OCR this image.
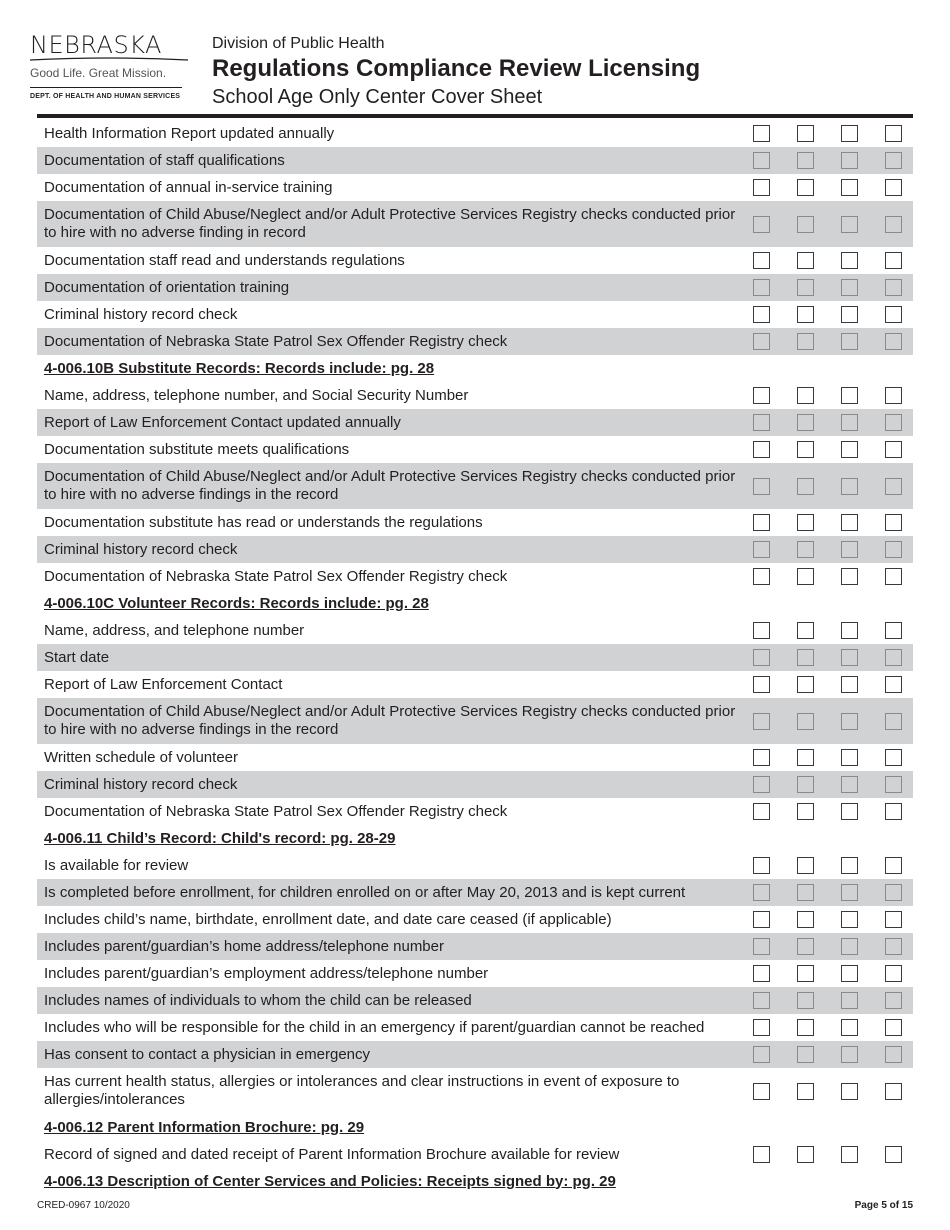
NEBRASKA
Good Life. Great Mission.
DEPT. OF HEALTH AND HUMAN SERVICES
Division of Public Health
Regulations Compliance Review Licensing
School Age Only Center Cover Sheet
Health Information Report updated annually
Documentation of staff qualifications
Documentation of annual in-service training
Documentation of Child Abuse/Neglect and/or Adult Protective Services Registry checks conducted prior to hire with no adverse finding in record
Documentation staff read and understands regulations
Documentation of orientation training
Criminal history record check
Documentation of Nebraska State Patrol Sex Offender Registry check
4-006.10B Substitute Records: Records include: pg. 28
Name, address, telephone number, and Social Security Number
Report of Law Enforcement Contact updated annually
Documentation substitute meets qualifications
Documentation of Child Abuse/Neglect and/or Adult Protective Services Registry checks conducted prior to hire with no adverse findings in the record
Documentation substitute has read or understands the regulations
Criminal history record check
Documentation of Nebraska State Patrol Sex Offender Registry check
4-006.10C Volunteer Records: Records include: pg. 28
Name, address, and telephone number
Start date
Report of Law Enforcement Contact
Documentation of Child Abuse/Neglect and/or Adult Protective Services Registry checks conducted prior to hire with no adverse findings in the record
Written schedule of volunteer
Criminal history record check
Documentation of Nebraska State Patrol Sex Offender Registry check
4-006.11 Child’s Record: Child's record: pg. 28-29
Is available for review
Is completed before enrollment, for children enrolled on or after May 20, 2013 and is kept current
Includes child’s name, birthdate, enrollment date, and date care ceased (if applicable)
Includes parent/guardian’s home address/telephone number
Includes parent/guardian’s employment address/telephone number
Includes names of individuals to whom the child can be released
Includes who will be responsible for the child in an emergency if parent/guardian cannot be reached
Has consent to contact a physician in emergency
Has current health status, allergies or intolerances and clear instructions in event of exposure to allergies/intolerances
4-006.12 Parent Information Brochure: pg. 29
Record of signed and dated receipt of Parent Information Brochure available for review
4-006.13 Description of Center Services and Policies: Receipts signed by: pg. 29
CRED-0967 10/2020	Page 5 of 15
